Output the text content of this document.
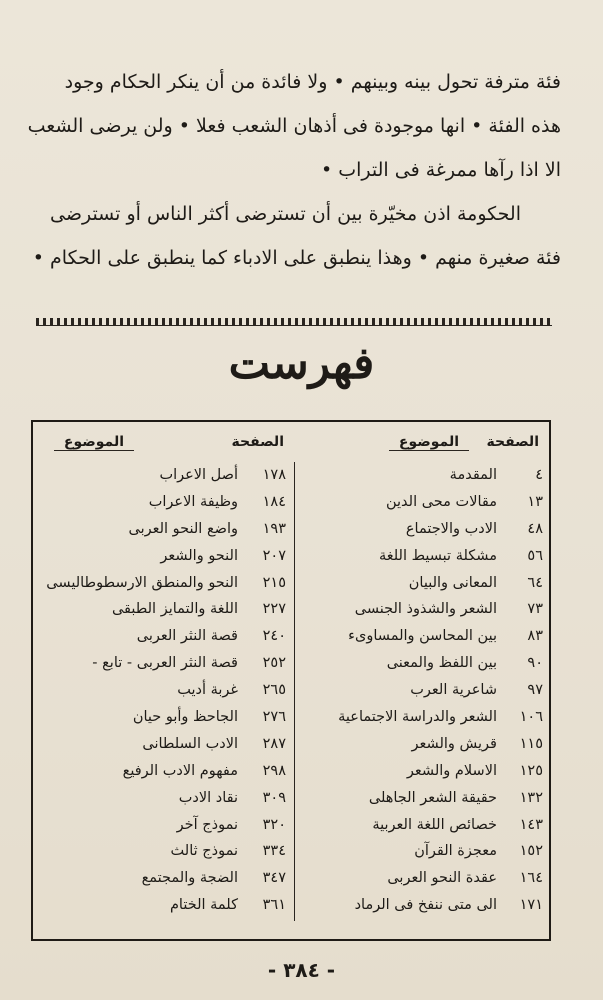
فئة مترفة تحول بينه وبينهم • ولا فائدة من أن ينكر الحكام وجود
هذه الفئة • انها موجودة فى أذهان الشعب فعلا • ولن يرضى الشعب
الا اذا رآها ممرغة فى التراب •
الحكومة اذن مخيّرة بين أن تسترضى أكثر الناس أو تسترضى
فئة صغيرة منهم • وهذا ينطبق على الادباء كما ينطبق على الحكام •
فهرست
الصفحة
الموضوع
٤
المقدمة
١٣
مقالات محى الدين
٤٨
الادب والاجتماع
٥٦
مشكلة تبسيط اللغة
٦٤
المعانى والبيان
٧٣
الشعر والشذوذ الجنسى
٨٣
بين المحاسن والمساوىء
٩٠
بين اللفظ والمعنى
٩٧
شاعرية العرب
١٠٦
الشعر والدراسة الاجتماعية
١١٥
قريش والشعر
١٢٥
الاسلام والشعر
١٣٢
حقيقة الشعر الجاهلى
١٤٣
خصائص اللغة العربية
١٥٢
معجزة القرآن
١٦٤
عقدة النحو العربى
١٧١
الى متى ننفخ فى الرماد
الصفحة
الموضوع
١٧٨
أصل الاعراب
١٨٤
وظيفة الاعراب
١٩٣
واضع النحو العربى
٢٠٧
النحو والشعر
٢١٥
النحو والمنطق الارسطوطاليسى
٢٢٧
اللغة والتمايز الطبقى
٢٤٠
قصة النثر العربى
٢٥٢
قصة النثر العربى - تابع -
٢٦٥
غربة أديب
٢٧٦
الجاحظ وأبو حيان
٢٨٧
الادب السلطانى
٢٩٨
مفهوم الادب الرفيع
٣٠٩
نقاد الادب
٣٢٠
نموذج آخر
٣٣٤
نموذج ثالث
٣٤٧
الضجة والمجتمع
٣٦١
كلمة الختام
- ٣٨٤ -
